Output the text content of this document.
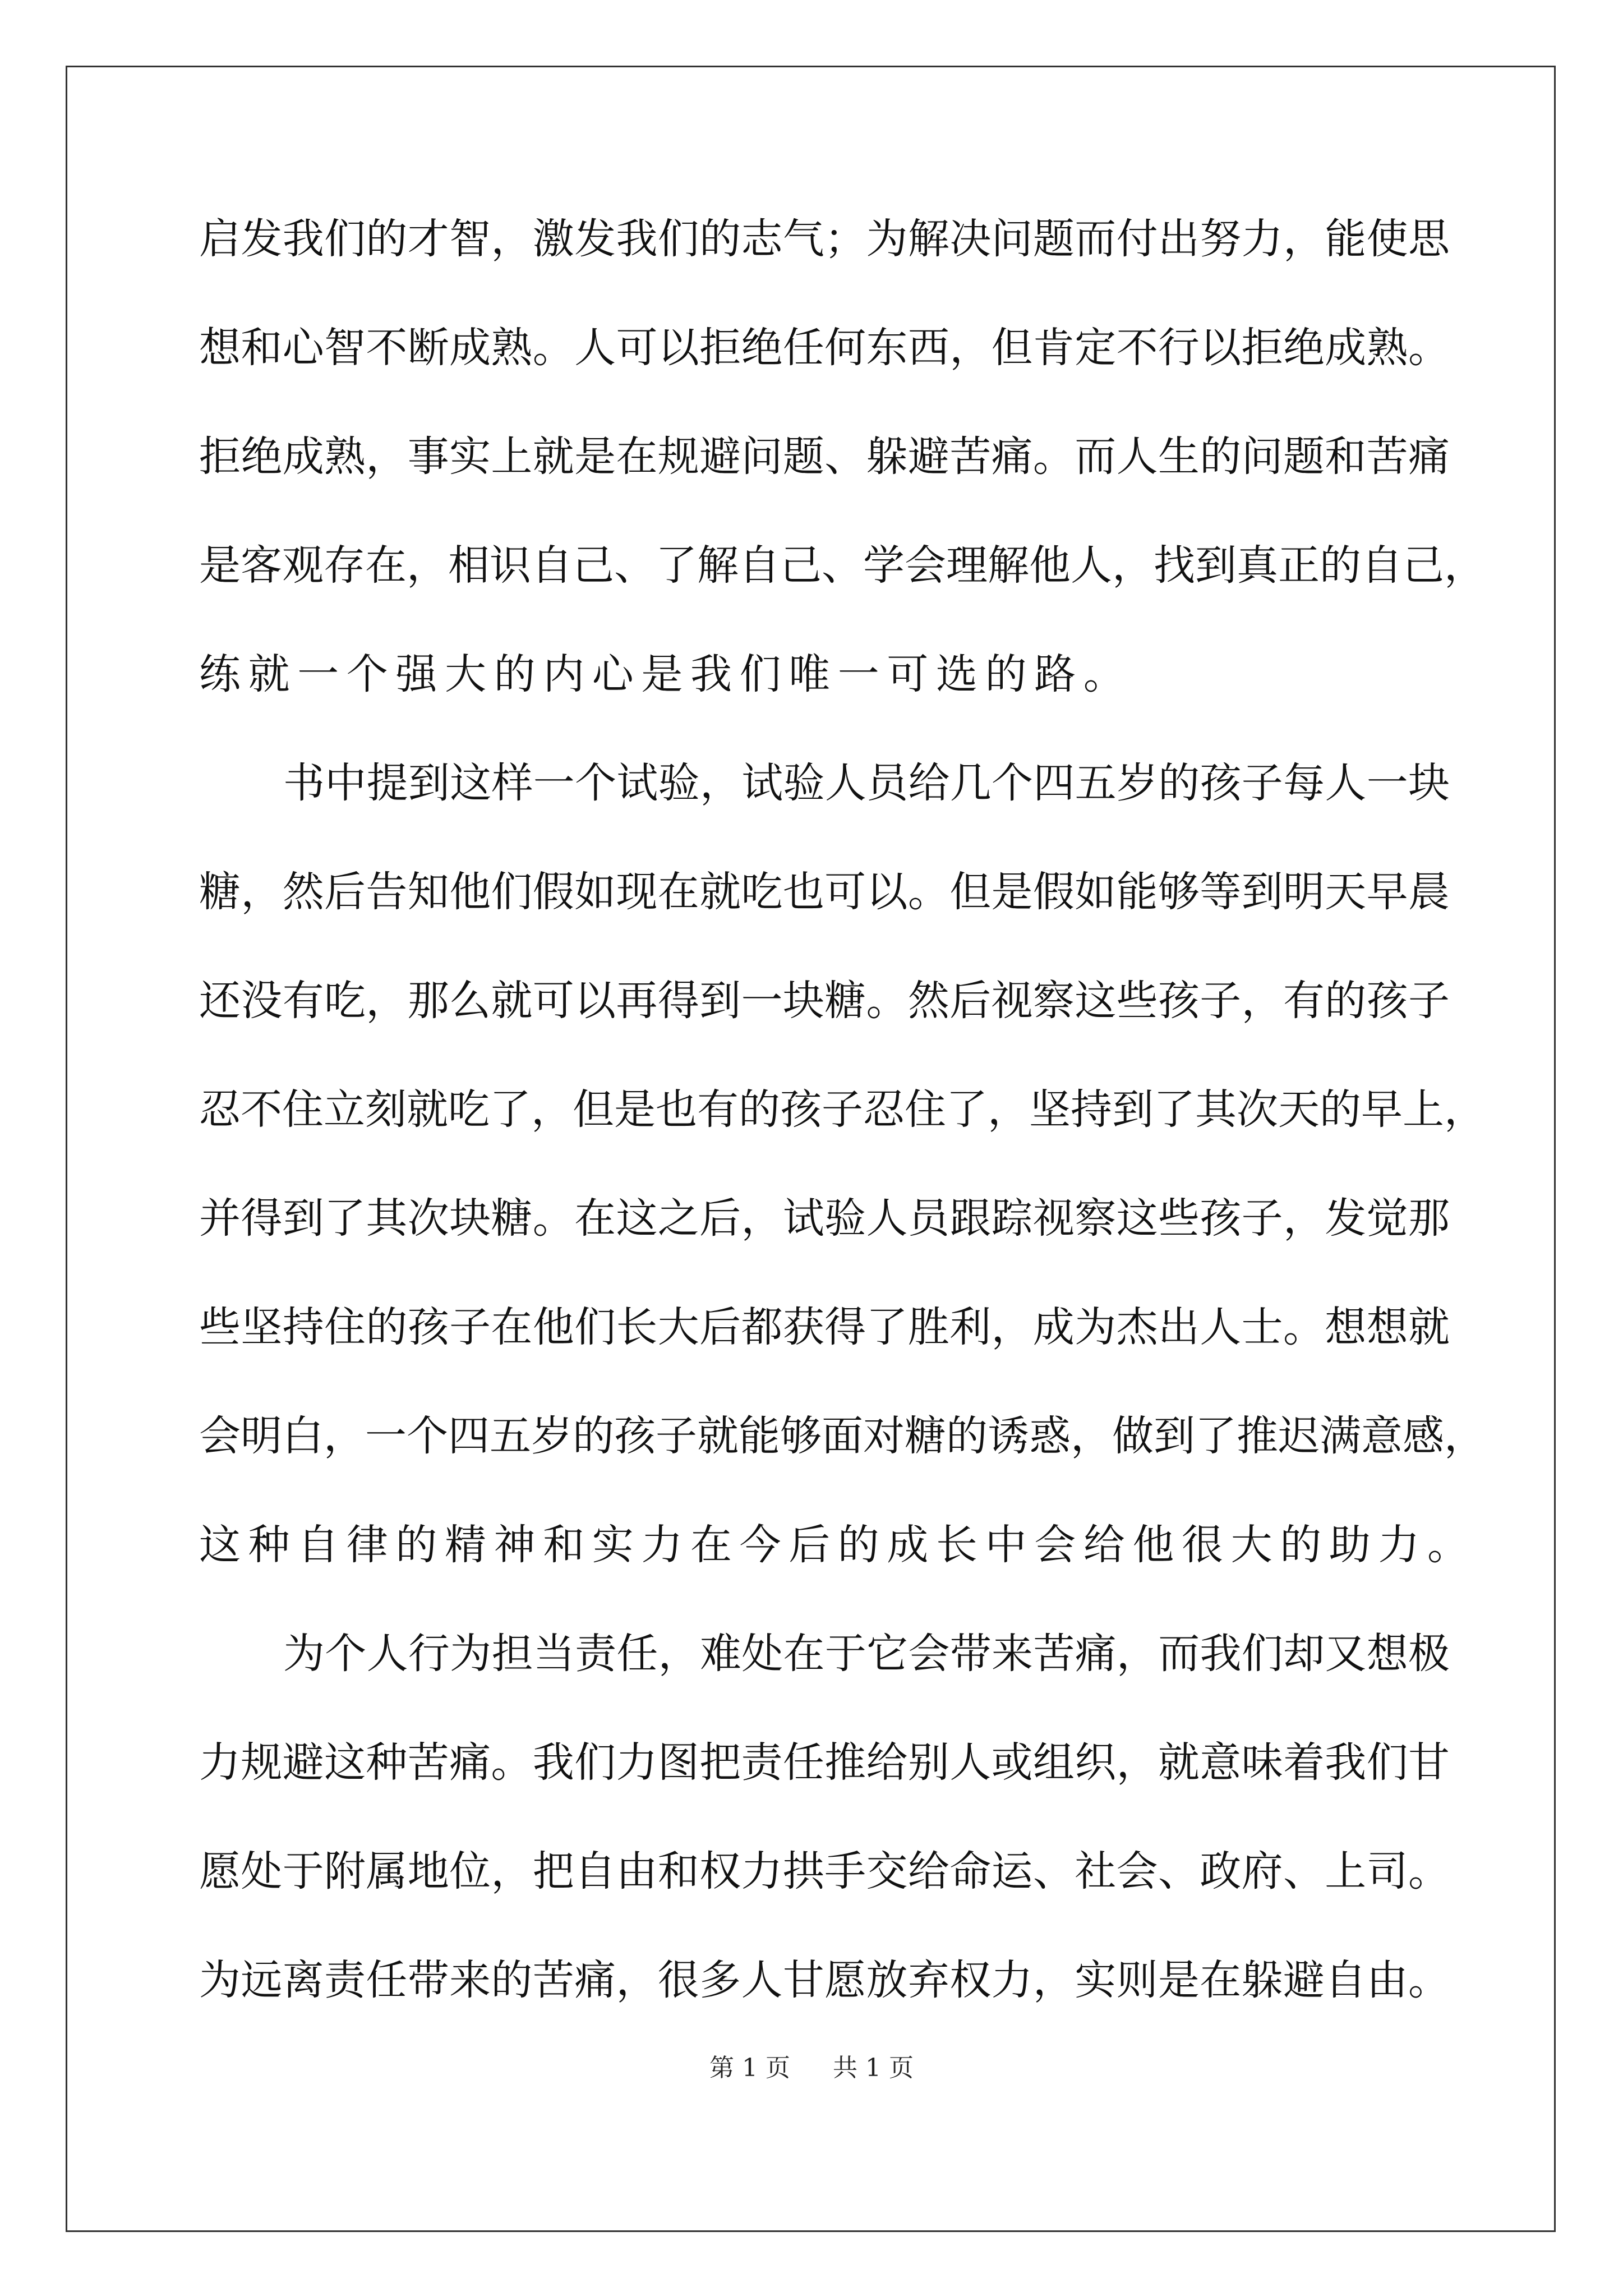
启发我们的才智，激发我们的志气；为解决问题而付出努力，能使思
想和心智不断成熟。人可以拒绝任何东西，但肯定不行以拒绝成熟。
拒绝成熟，事实上就是在规避问题、躲避苦痛。而人生的问题和苦痛
是客观存在，相识自己、了解自己、学会理解他人，找到真正的自己，
练就一个强大的内心是我们唯一可选的路。
书中提到这样一个试验，试验人员给几个四五岁的孩子每人一块
糖，然后告知他们假如现在就吃也可以。但是假如能够等到明天早晨
还没有吃，那么就可以再得到一块糖。然后视察这些孩子，有的孩子
忍不住立刻就吃了，但是也有的孩子忍住了，坚持到了其次天的早上，
并得到了其次块糖。在这之后，试验人员跟踪视察这些孩子，发觉那
些坚持住的孩子在他们长大后都获得了胜利，成为杰出人士。想想就
会明白，一个四五岁的孩子就能够面对糖的诱惑，做到了推迟满意感，
这种自律的精神和实力在今后的成长中会给他很大的助力。
为个人行为担当责任，难处在于它会带来苦痛，而我们却又想极
力规避这种苦痛。我们力图把责任推给别人或组织，就意味着我们甘
愿处于附属地位，把自由和权力拱手交给命运、社会、政府、上司。
为远离责任带来的苦痛，很多人甘愿放弃权力，实则是在躲避自由。
第 1 页 共 1 页
